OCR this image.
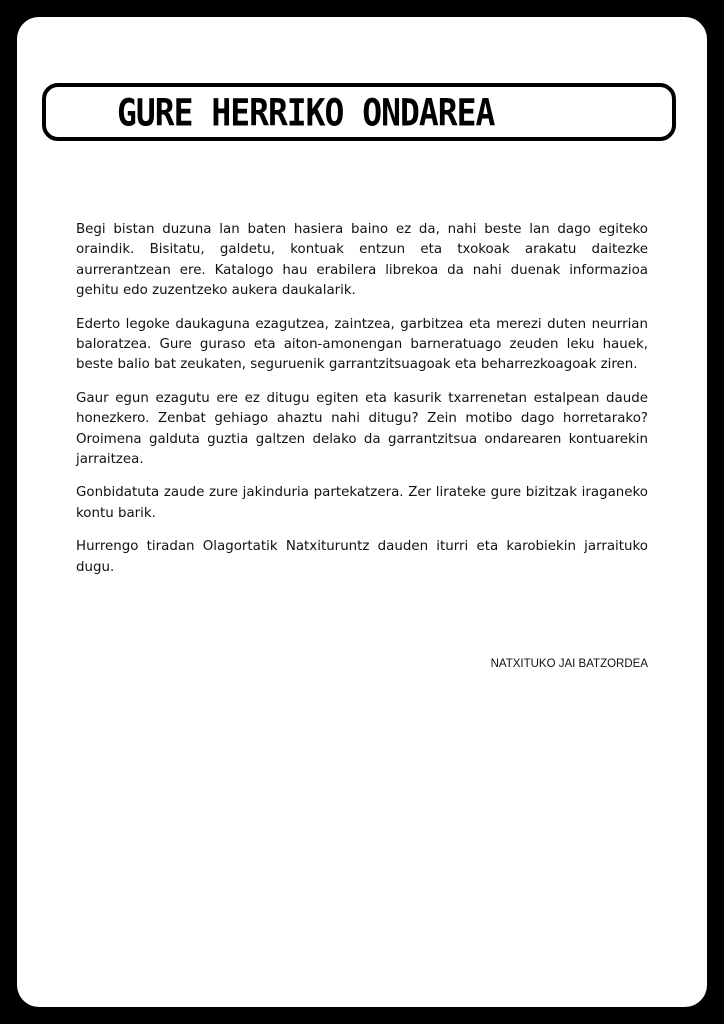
GURE HERRIKO ONDAREA

Begi bistan duzuna lan baten hasiera baino ez da, nahi beste lan dago egiteko oraindik. Bisitatu, galdetu, kontuak entzun eta txokoak arakatu daitezke aurrerantzean ere. Katalogo hau erabilera librekoa da nahi duenak informazioa gehitu edo zuzentzeko aukera daukalarik.

Ederto legoke daukaguna ezagutzea, zaintzea, garbitzea eta merezi duten neurrian baloratzea. Gure guraso eta aiton-amonengan barneratuago zeuden leku hauek, beste balio bat zeukaten, seguruenik garrantzitsuagoak eta beharrezkoagoak ziren.

Gaur egun ezagutu ere ez ditugu egiten eta kasurik txarrenetan estalpean daude honezkero. Zenbat gehiago ahaztu nahi ditugu? Zein motibo dago horretarako? Oroimena galduta guztia galtzen delako da garrantzitsua ondarearen kontuarekin jarraitzea.

Gonbidatuta zaude zure jakinduria partekatzera. Zer lirateke gure bizitzak iraganeko kontu barik.

Hurrengo tiradan Olagortatik Natxituruntz dauden iturri eta karobiekin jarraituko dugu.

NATXITUKO JAI BATZORDEA
